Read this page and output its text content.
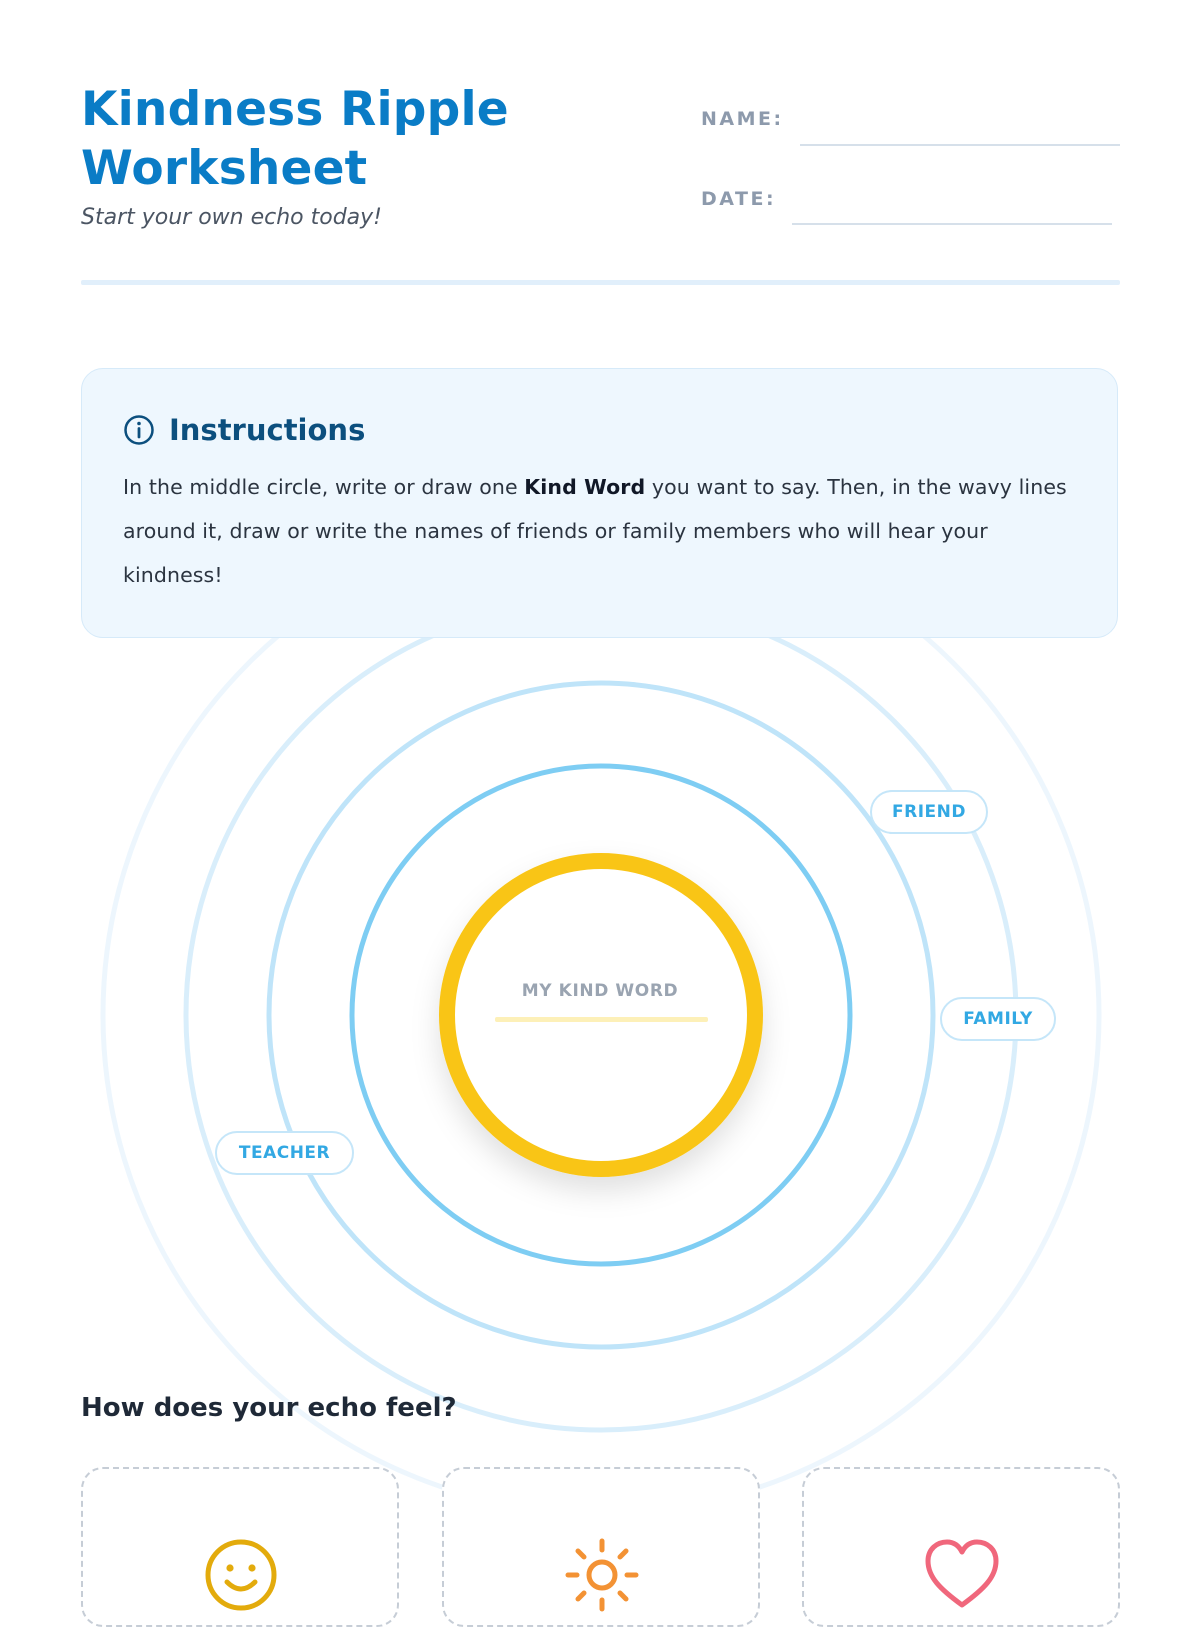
Kindness Ripple Worksheet

Start your own echo today!

NAME:
DATE:
Instructions

In the middle circle, write or draw one Kind Word you want to say. Then, in the wavy lines around it, draw or write the names of friends or family members who will hear your kindness!

MY KIND WORD
FRIEND
FAMILY
TEACHER
How does your echo feel?
